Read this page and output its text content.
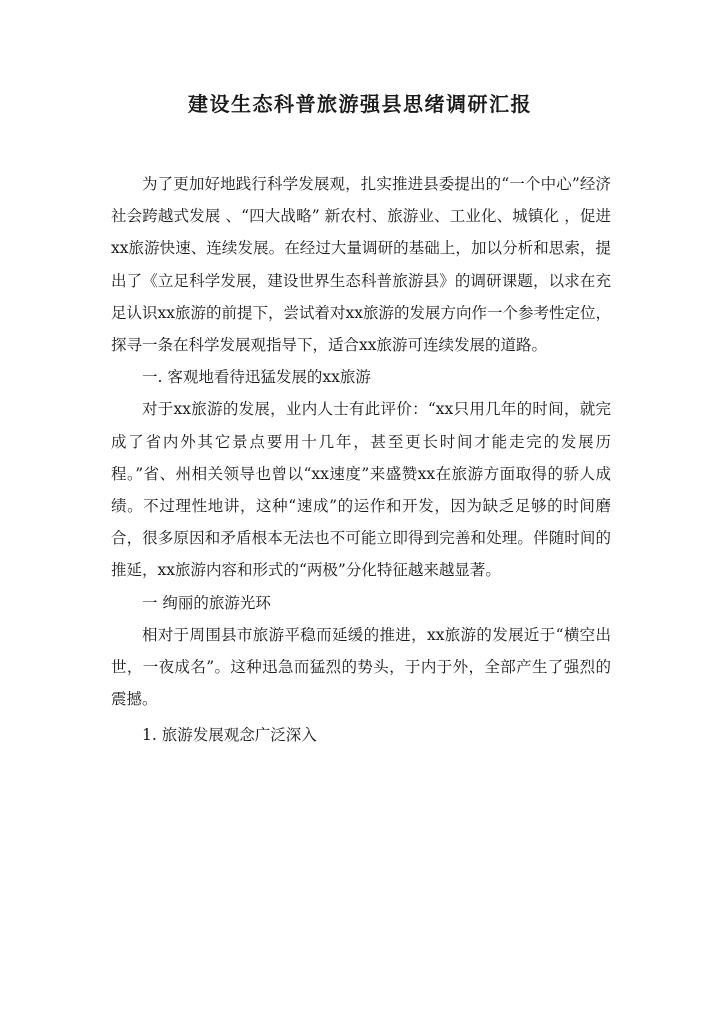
建设生态科普旅游强县思绪调研汇报

为了更加好地践行科学发展观，扎实推进县委提出的“一个中心”经济社会跨越式发展 、“四大战略” 新农村、旅游业、工业化、城镇化 ，促进xx旅游快速、连续发展。在经过大量调研的基础上，加以分析和思索，提出了《立足科学发展，建设世界生态科普旅游县》的调研课题，以求在充足认识xx旅游的前提下，尝试着对xx旅游的发展方向作一个参考性定位，探寻一条在科学发展观指导下，适合xx旅游可连续发展的道路。

一. 客观地看待迅猛发展的xx旅游

对于xx旅游的发展，业内人士有此评价：“xx只用几年的时间，就完成了省内外其它景点要用十几年，甚至更长时间才能走完的发展历程。”省、州相关领导也曾以“xx速度”来盛赞xx在旅游方面取得的骄人成绩。不过理性地讲，这种“速成”的运作和开发，因为缺乏足够的时间磨合，很多原因和矛盾根本无法也不可能立即得到完善和处理。伴随时间的推延，xx旅游内容和形式的“两极”分化特征越来越显著。

一 绚丽的旅游光环

相对于周围县市旅游平稳而延缓的推进，xx旅游的发展近于“横空出世，一夜成名”。这种迅急而猛烈的势头，于内于外，全部产生了强烈的震撼。

1. 旅游发展观念广泛深入
